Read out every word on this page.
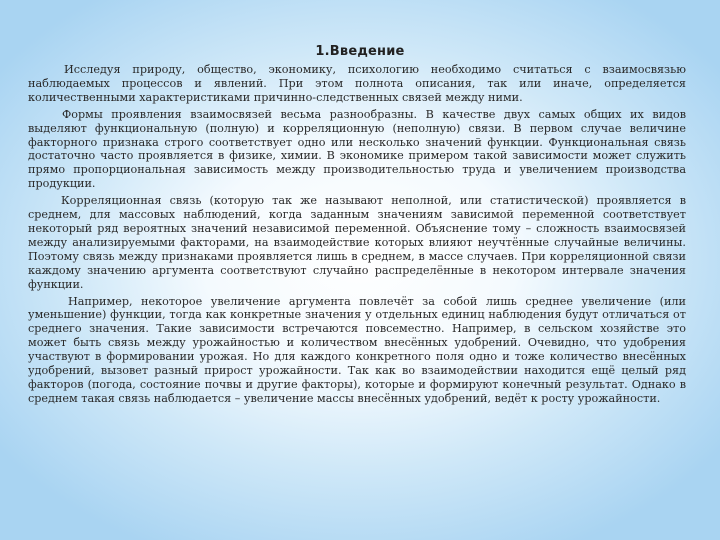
1.Введение

Исследуя природу, общество, экономику, психологию необходимо считаться с взаимосвязью наблюдаемых процессов и явлений. При этом полнота описания, так или иначе, определяется количественными характеристиками причинно-следственных связей между ними.

Формы проявления взаимосвязей весьма разнообразны. В качестве двух самых общих их видов выделяют функциональную (полную) и корреляционную (неполную) связи. В первом случае величине факторного признака строго соответствует одно или несколько значений функции. Функциональная связь достаточно часто проявляется в физике, химии. В экономике примером такой зависимости может служить прямо пропорциональная зависимость между производительностью труда и увеличением производства продукции.

Корреляционная связь (которую так же называют неполной, или статистической) проявляется в среднем, для массовых наблюдений, когда заданным значениям зависимой переменной соответствует некоторый ряд вероятных значений независимой переменной. Объяснение тому – сложность взаимосвязей между анализируемыми факторами, на взаимодействие которых влияют неучтённые случайные величины. Поэтому связь между признаками проявляется лишь в среднем, в массе случаев. При корреляционной связи каждому значению аргумента соответствуют случайно распределённые в некотором интервале значения функции.

Например, некоторое увеличение аргумента повлечёт за собой лишь среднее увеличение (или уменьшение) функции, тогда как конкретные значения у отдельных единиц наблюдения будут отличаться от среднего значения. Такие зависимости встречаются повсеместно. Например, в сельском хозяйстве это может быть связь между урожайностью и количеством внесённых удобрений. Очевидно, что удобрения участвуют в формировании урожая. Но для каждого конкретного поля одно и тоже количество внесённых удобрений, вызовет разный прирост урожайности. Так как во взаимодействии находится ещё целый ряд факторов (погода, состояние почвы и другие факторы), которые и формируют конечный результат. Однако в среднем такая связь наблюдается – увеличение массы внесённых удобрений, ведёт к росту урожайности.
